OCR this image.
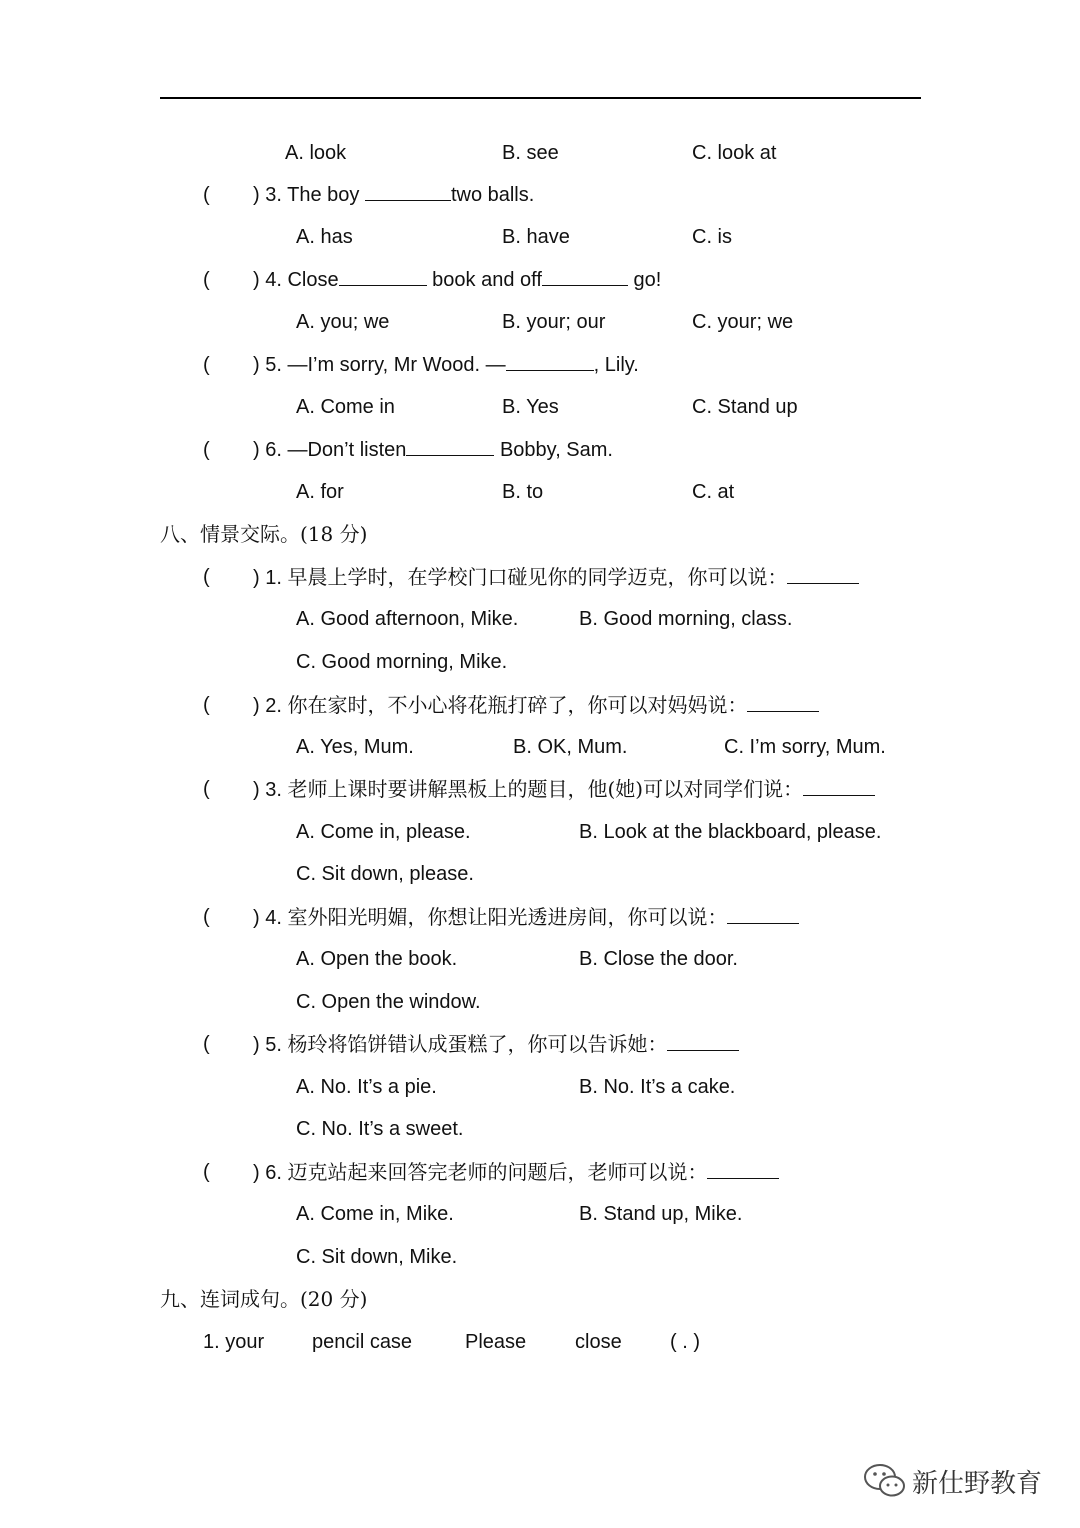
A. look	B. see	C. look at
( ) 3. The boy	two balls.
A. has	B. have	C. is
( ) 4. Close	book and off	go!
A. you; we	B. your; our	C. your; we
( ) 5. —I’m sorry, Mr Wood. —	, Lily.
A. Come in	B. Yes	C. Stand up
( ) 6. —Don’t listen	Bobby, Sam.
A. for	B. to	C. at
八、情景交际。(18 分)
( ) 1. 早晨上学时，在学校门口碰见你的同学迈克，你可以说：
A. Good afternoon, Mike.	B. Good morning, class.
C. Good morning, Mike.
( ) 2. 你在家时，不小心将花瓶打碎了，你可以对妈妈说：
A. Yes, Mum.	B. OK, Mum.	C. I’m sorry, Mum.
( ) 3. 老师上课时要讲解黑板上的题目，他(她)可以对同学们说：
A. Come in, please.	B. Look at the blackboard, please.
C. Sit down, please.
( ) 4. 室外阳光明媚，你想让阳光透进房间，你可以说：
A. Open the book.	B. Close the door.
C. Open the window.
( ) 5. 杨玲将馅饼错认成蛋糕了，你可以告诉她：
A. No. It’s a pie.	B. No. It’s a cake.
C. No. It’s a sweet.
( ) 6. 迈克站起来回答完老师的问题后，老师可以说：
A. Come in, Mike.	B. Stand up, Mike.
C. Sit down, Mike.
九、连词成句。(20 分)
1. your pencil case	Please close ( . )
新仕野教育
